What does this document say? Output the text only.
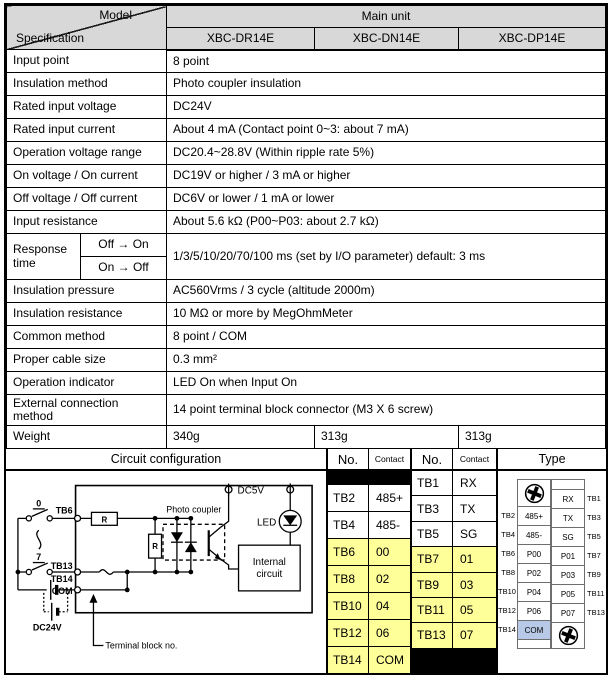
Model
Specification		Main unit		
		XBC-DR14E	XBC-DN14E	XBC-DP14E
Input point		8 point		
Insulation method		Photo coupler insulation		
Rated input voltage		DC24V		
Rated input current		About 4 mA (Contact point 0~3: about 7 mA)		
Operation voltage range		DC20.4~28.8V (Within ripple rate 5%)		
On voltage / On current		DC19V or higher / 3 mA or higher		
Off voltage / Off current		DC6V or lower / 1 mA or lower		
Input resistance		About 5.6 kΩ (P00~P03: about 2.7 kΩ)		
Response time	Off → On	1/3/5/10/20/70/100 ms (set by I/O parameter) default: 3 ms		
	On → Off			
Insulation pressure		AC560Vrms / 3 cycle (altitude 2000m)		
Insulation resistance		10 MΩ or more by MegOhmMeter		
Common method		8 point / COM		
Proper cable size		0.3 mm²		
Operation indicator		LED On when Input On		
External connection method		14 point terminal block connector (M3 X 6 screw)		
Weight		340g	313g	313g
Circuit configuration
0
7
DC24V
TB6
TB13
TB14
COM
R
R
Photo coupler
DC5V
LED
Internal
circuit
Terminal block no.
No.	Contact
TB2	485+
TB4	485-
TB6	00
TB8	02
TB10	04
TB12	06
TB14	COM
No.	Contact
TB1	RX
TB3	TX
TB5	SG
TB7	01
TB9	03
TB11	05
TB13	07
Type
TB2
TB4
TB6
TB8
TB10
TB12
TB14
485+
485-
P00
P02
P04
P06
COM
RX
TX
SG
P01
P03
P05
P07
TB1
TB3
TB5
TB7
TB9
TB11
TB13
